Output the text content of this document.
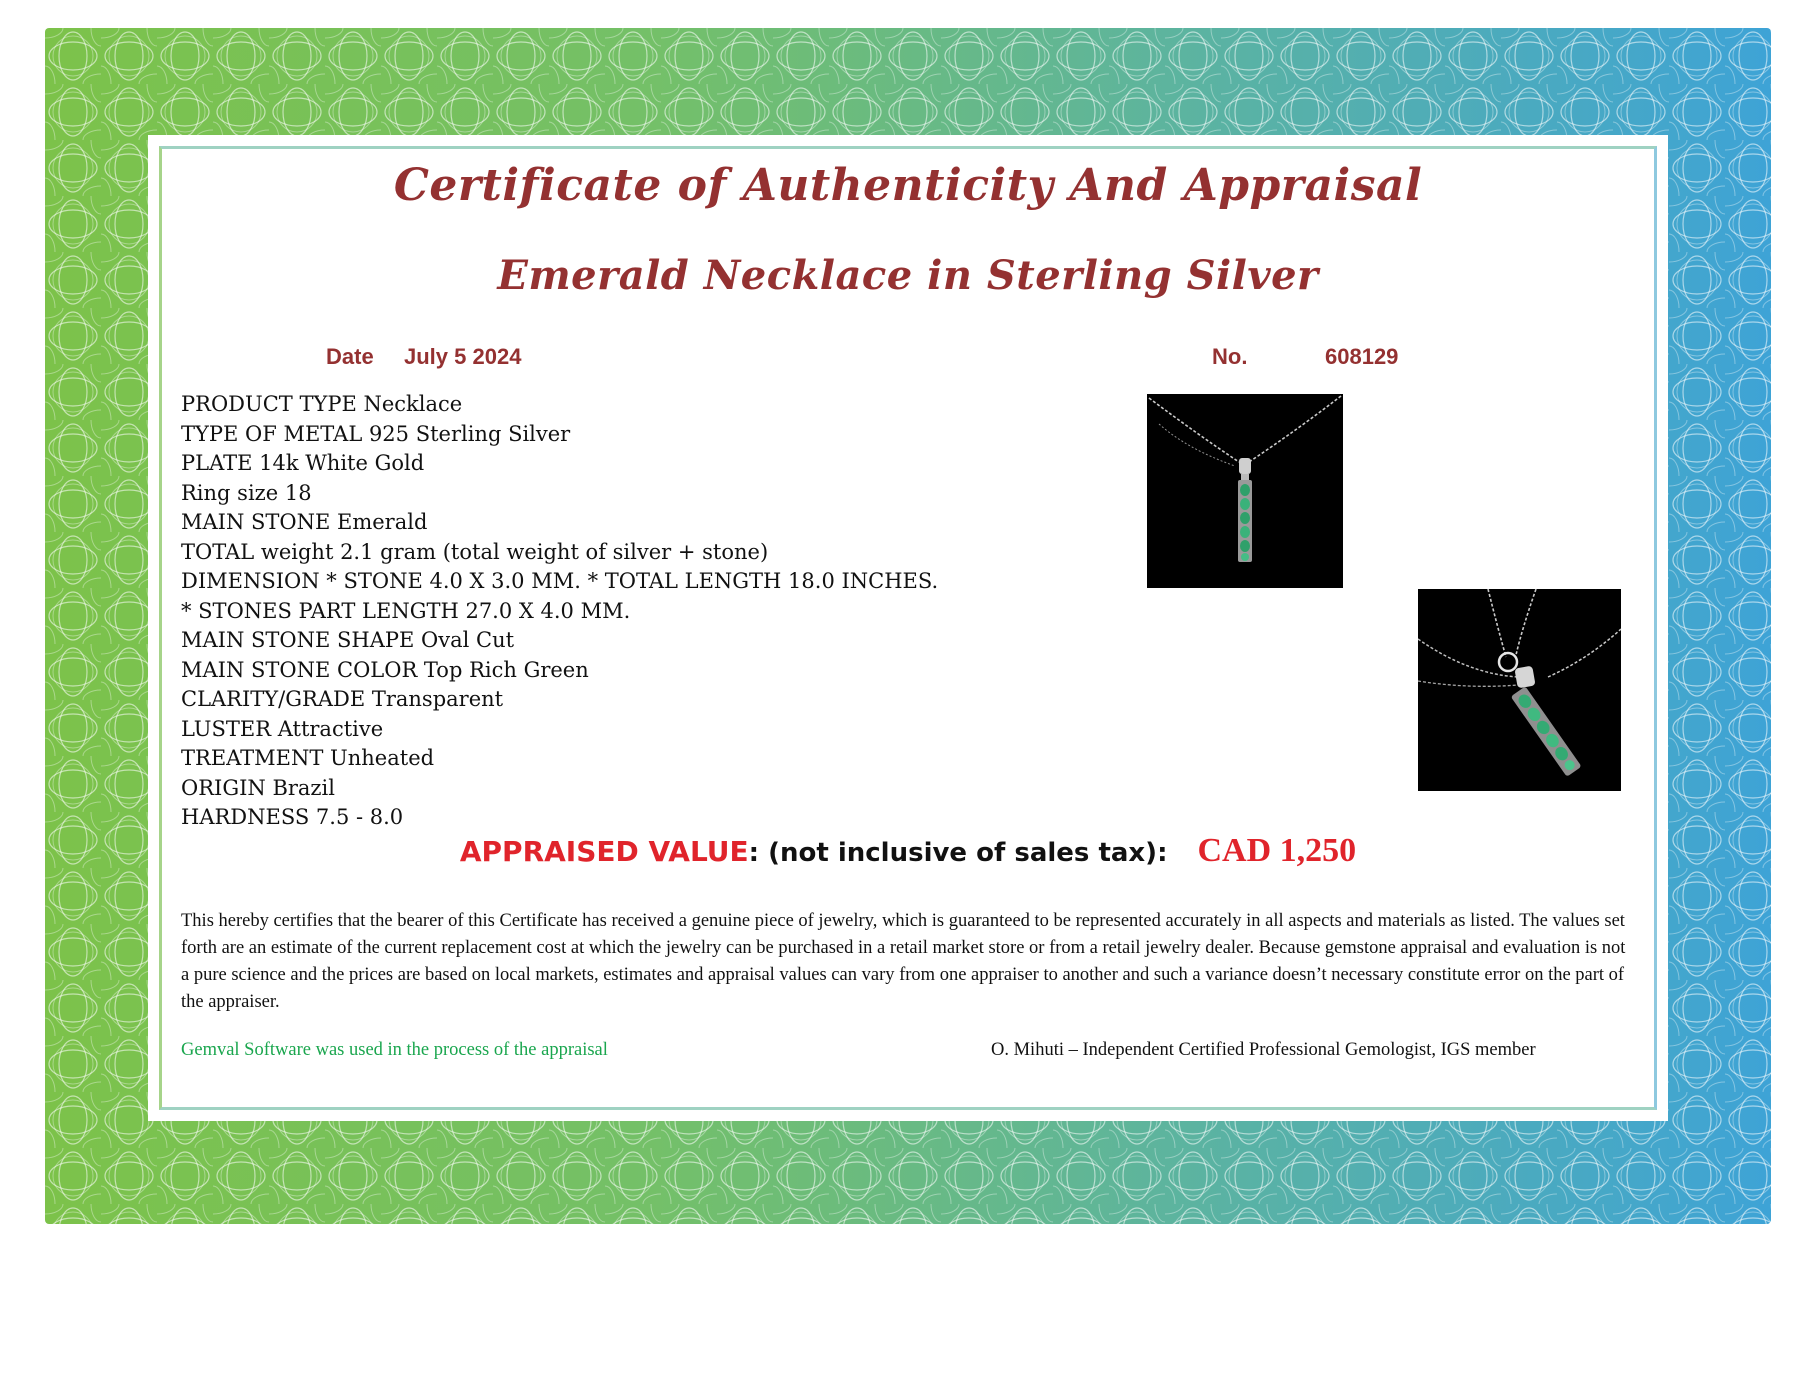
Certificate of Authenticity And Appraisal
Emerald Necklace in Sterling Silver
Date July 5 2024	No.	608129
PRODUCT TYPE Necklace
TYPE OF METAL 925 Sterling Silver
PLATE 14k White Gold
Ring size 18
MAIN STONE Emerald
TOTAL weight 2.1 gram (total weight of silver + stone)
DIMENSION * STONE 4.0 X 3.0 MM. * TOTAL LENGTH 18.0 INCHES.
* STONES PART LENGTH 27.0 X 4.0 MM.
MAIN STONE SHAPE Oval Cut
MAIN STONE COLOR Top Rich Green
CLARITY/GRADE Transparent
LUSTER Attractive
TREATMENT Unheated
ORIGIN Brazil
HARDNESS 7.5 - 8.0
APPRAISED VALUE: (not inclusive of sales tax): CAD 1,250

This hereby certifies that the bearer of this Certificate has received a genuine piece of jewelry, which is guaranteed to be represented accurately in all aspects and materials as listed. The values set forth are an estimate of the current replacement cost at which the jewelry can be purchased in a retail market store or from a retail jewelry dealer. Because gemstone appraisal and evaluation is not a pure science and the prices are based on local markets, estimates and appraisal values can vary from one appraiser to another and such a variance doesn’t necessary constitute error on the part of the appraiser.

Gemval Software was used in the process of the appraisal	O. Mihuti – Independent Certified Professional Gemologist, IGS member
